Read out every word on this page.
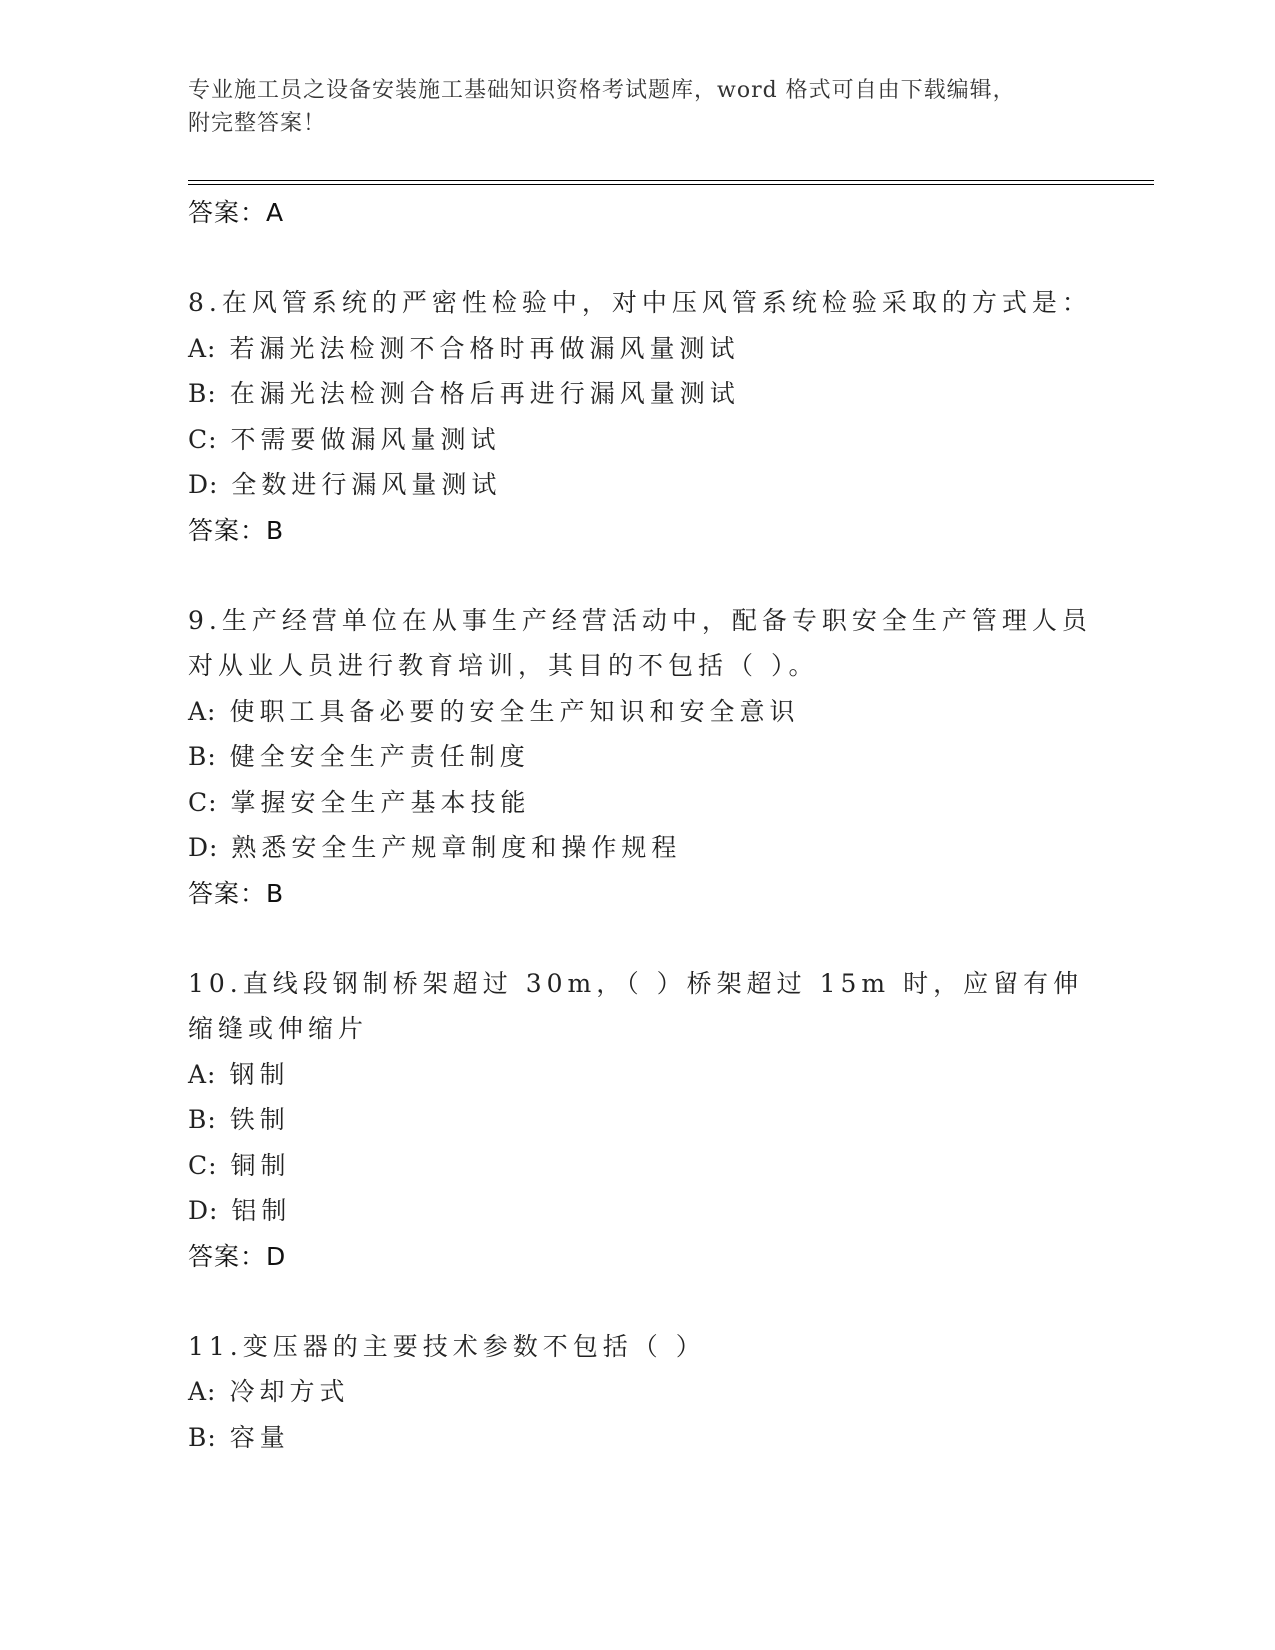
专业施工员之设备安装施工基础知识资格考试题库，word 格式可自由下载编辑，
附完整答案！
答案：A
8.在风管系统的严密性检验中，对中压风管系统检验采取的方式是：
A: 若漏光法检测不合格时再做漏风量测试
B: 在漏光法检测合格后再进行漏风量测试
C: 不需要做漏风量测试
D: 全数进行漏风量测试
答案：B
9.生产经营单位在从事生产经营活动中，配备专职安全生产管理人员对从业人员进行教育培训，其目的不包括（ ）。
A: 使职工具备必要的安全生产知识和安全意识
B: 健全安全生产责任制度
C: 掌握安全生产基本技能
D: 熟悉安全生产规章制度和操作规程
答案：B
10.直线段钢制桥架超过 30m，（ ）桥架超过 15m 时，应留有伸缩缝或伸缩片
A: 钢制
B: 铁制
C: 铜制
D: 铝制
答案：D
11.变压器的主要技术参数不包括（ ）
A: 冷却方式
B: 容量
